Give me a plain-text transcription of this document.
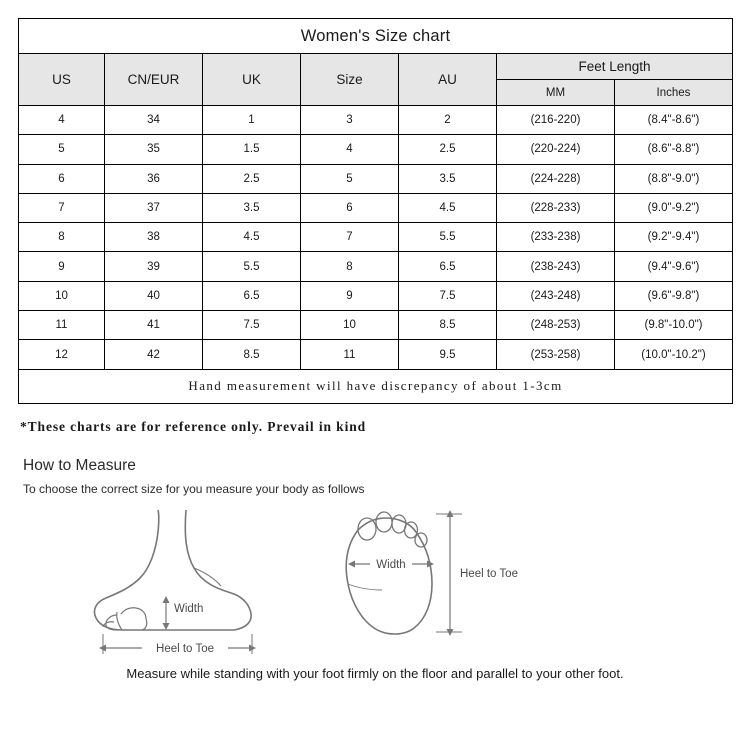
Women's Size chart						
US	CN/EUR	UK	Size	AU	Feet Length	
					MM	Inches
4	34	1	3	2	(216-220)	(8.4"-8.6")
5	35	1.5	4	2.5	(220-224)	(8.6"-8.8")
6	36	2.5	5	3.5	(224-228)	(8.8"-9.0")
7	37	3.5	6	4.5	(228-233)	(9.0"-9.2")
8	38	4.5	7	5.5	(233-238)	(9.2"-9.4")
9	39	5.5	8	6.5	(238-243)	(9.4"-9.6")
10	40	6.5	9	7.5	(243-248)	(9.6"-9.8")
11	41	7.5	10	8.5	(248-253)	(9.8"-10.0")
12	42	8.5	11	9.5	(253-258)	(10.0"-10.2")
Hand measurement will have discrepancy of about 1-3cm						
*These charts are for reference only. Prevail in kind
How to Measure
To choose the correct size for you measure your body as follows
Width
Heel to Toe
Width
Heel to Toe
Measure while standing with your foot firmly on the floor and parallel to your other foot.
